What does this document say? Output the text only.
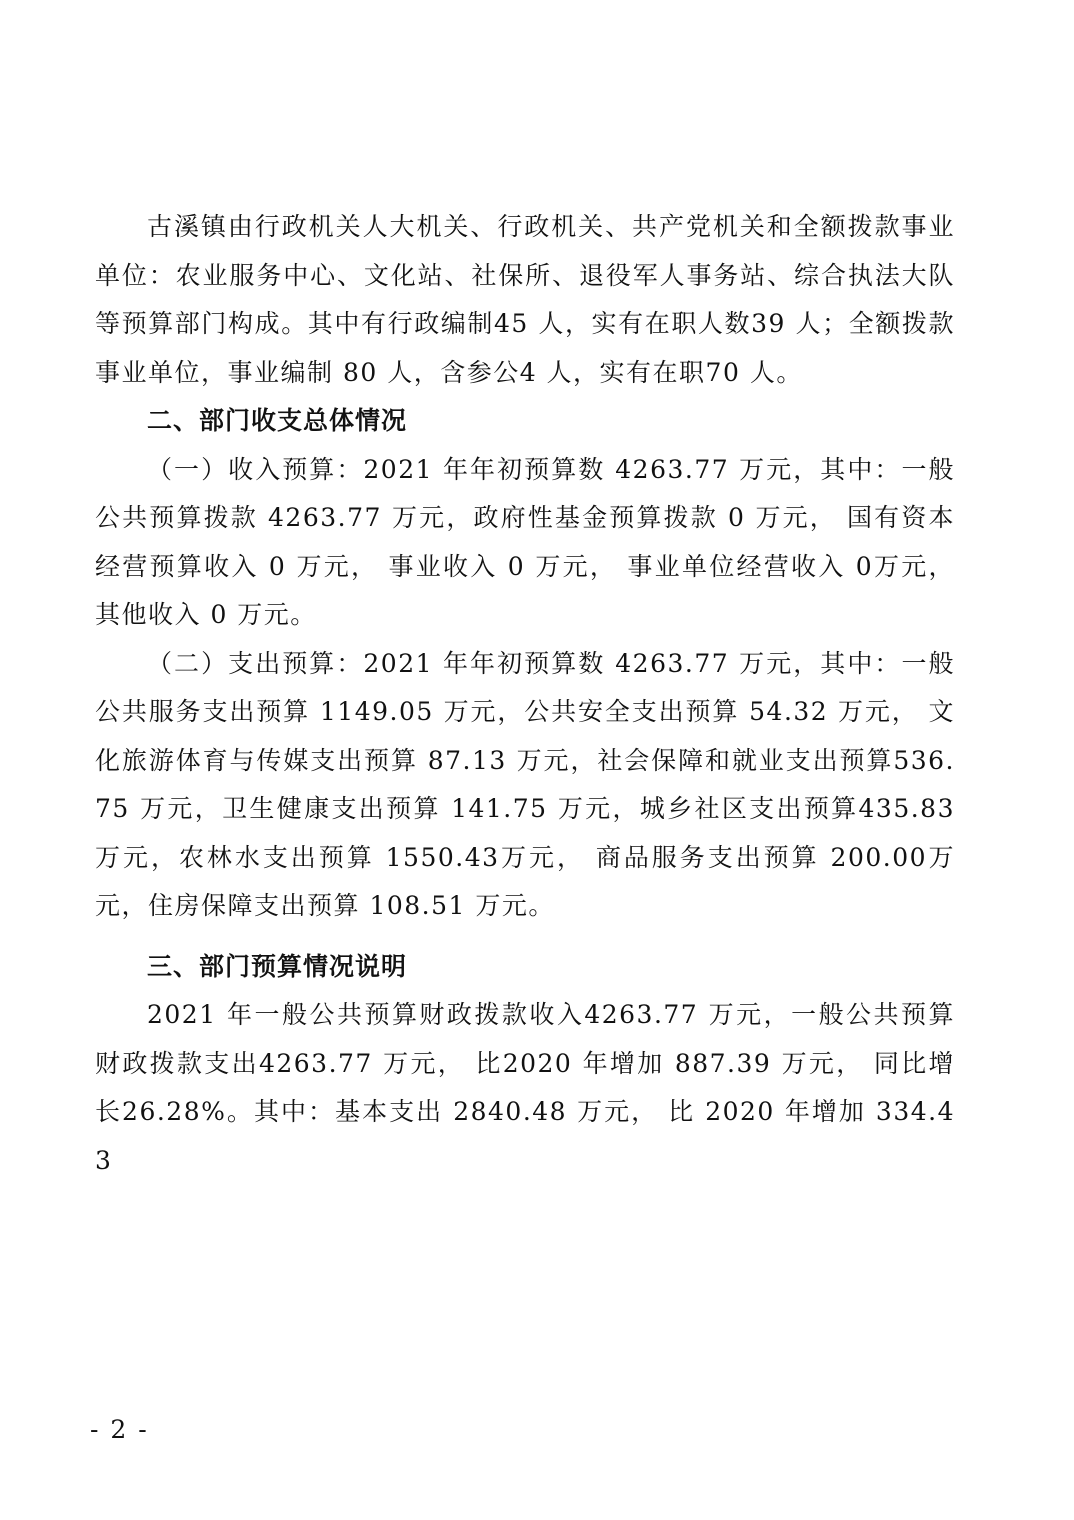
古溪镇由行政机关人大机关、行政机关、共产党机关和全额拨款事业单位：农业服务中心、文化站、社保所、退役军人事务站、综合执法大队等预算部门构成。其中有行政编制45 人，实有在职人数39 人；全额拨款事业单位，事业编制 80 人，含参公4 人，实有在职70 人。

二、部门收支总体情况

（一）收入预算：2021 年年初预算数 4263.77 万元，其中：一般公共预算拨款 4263.77 万元，政府性基金预算拨款 0 万元， 国有资本经营预算收入 0 万元， 事业收入 0 万元， 事业单位经营收入 0万元，其他收入 0 万元。

（二）支出预算：2021 年年初预算数 4263.77 万元，其中：一般公共服务支出预算 1149.05 万元，公共安全支出预算 54.32 万元， 文化旅游体育与传媒支出预算 87.13 万元，社会保障和就业支出预算536.75 万元，卫生健康支出预算 141.75 万元，城乡社区支出预算435.83 万元，农林水支出预算 1550.43万元， 商品服务支出预算 200.00万元，住房保障支出预算 108.51 万元。

三、部门预算情况说明

2021 年一般公共预算财政拨款收入4263.77 万元，一般公共预算财政拨款支出4263.77 万元， 比2020 年增加 887.39 万元， 同比增长26.28%。其中：基本支出 2840.48 万元， 比 2020 年增加 334.43

- 2 -
